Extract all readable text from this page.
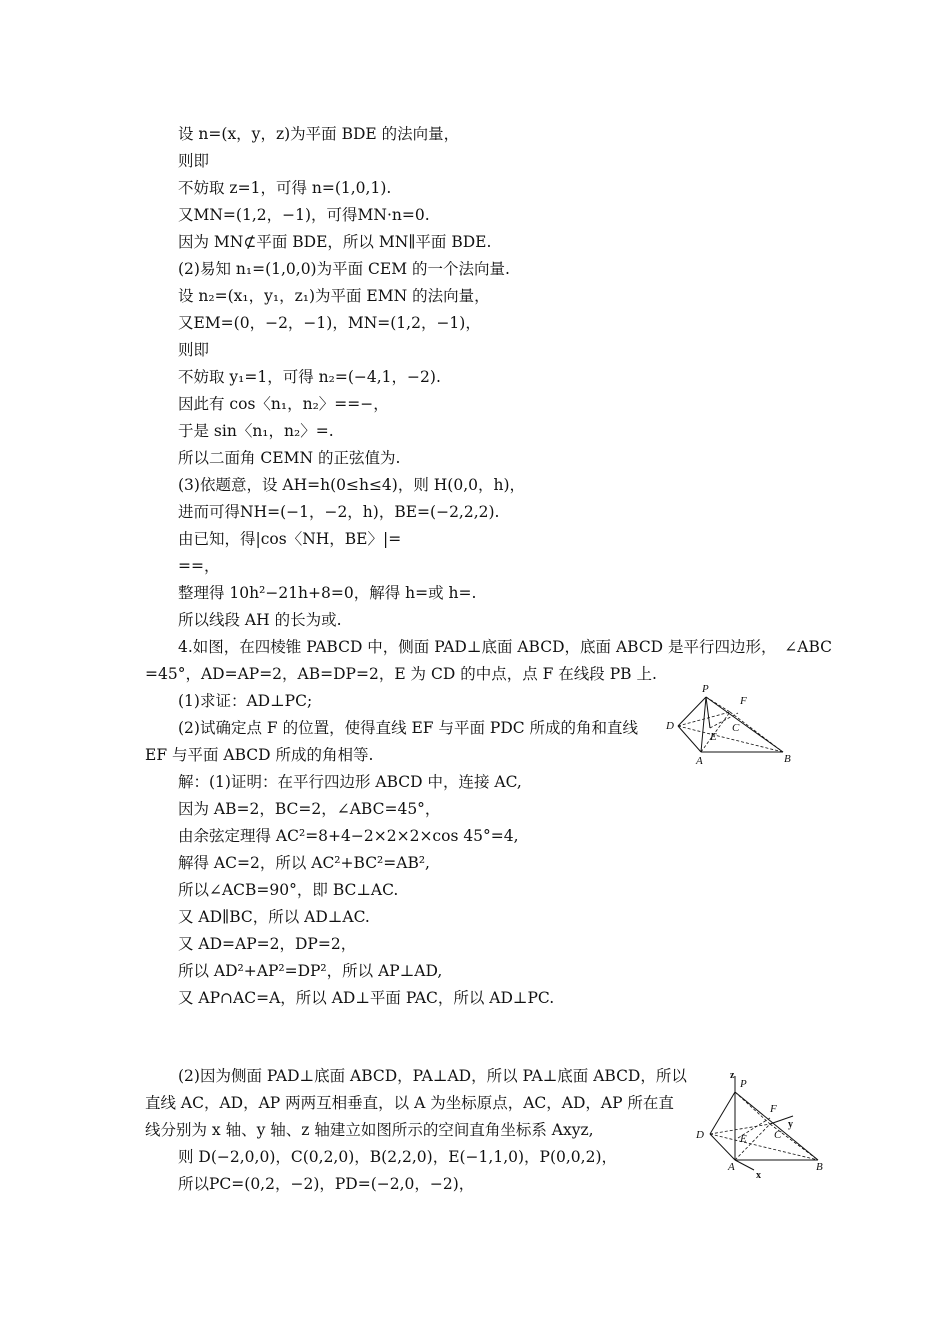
设 n=(x，y，z)为平面 BDE 的法向量，
则即
不妨取 z=1，可得 n=(1,0,1).
又MN=(1,2，−1)，可得MN·n=0.
因为 MN⊄平面 BDE，所以 MN∥平面 BDE.
(2)易知 n₁=(1,0,0)为平面 CEM 的一个法向量.
设 n₂=(x₁，y₁，z₁)为平面 EMN 的法向量，
又EM=(0，−2，−1)，MN=(1,2，−1)，
则即
不妨取 y₁=1，可得 n₂=(−4,1，−2).
因此有 cos〈n₁，n₂〉==−，
于是 sin〈n₁，n₂〉=.
所以二面角 CEMN 的正弦值为.
(3)依题意，设 AH=h(0≤h≤4)，则 H(0,0，h)，
进而可得NH=(−1，−2，h)，BE=(−2,2,2).
由已知，得|cos〈NH，BE〉|=
==，
整理得 10h²−21h+8=0，解得 h=或 h=.
所以线段 AH 的长为或.
4.如图，在四棱锥 PABCD 中，侧面 PAD⊥底面 ABCD，底面 ABCD 是平行四边形，　∠ABC
=45°，AD=AP=2，AB=DP=2，E 为 CD 的中点，点 F 在线段 PB 上.
(1)求证：AD⊥PC;
(2)试确定点 F 的位置，使得直线 EF 与平面 PDC 所成的角和直线
EF 与平面 ABCD 所成的角相等.
解：(1)证明：在平行四边形 ABCD 中，连接 AC,
因为 AB=2，BC=2，∠ABC=45°，
由余弦定理得 AC²=8+4−2×2×2×cos 45°=4,
解得 AC=2，所以 AC²+BC²=AB²,
所以∠ACB=90°，即 BC⊥AC.
又 AD∥BC，所以 AD⊥AC.
又 AD=AP=2，DP=2，
所以 AD²+AP²=DP²，所以 AP⊥AD,
又 AP∩AC=A，所以 AD⊥平面 PAC，所以 AD⊥PC.
(2)因为侧面 PAD⊥底面 ABCD，PA⊥AD，所以 PA⊥底面 ABCD，所以
直线 AC，AD，AP 两两互相垂直，以 A 为坐标原点，AC，AD，AP 所在直
线分别为 x 轴、y 轴、z 轴建立如图所示的空间直角坐标系 Axyz,
则 D(−2,0,0)，C(0,2,0)，B(2,2,0)，E(−1,1,0)，P(0,0,2)，
所以PC=(0,2，−2)，PD=(−2,0，−2)，
P
F
D
E
C
A	B
z
P
F
y
D	E C
A
x
B
